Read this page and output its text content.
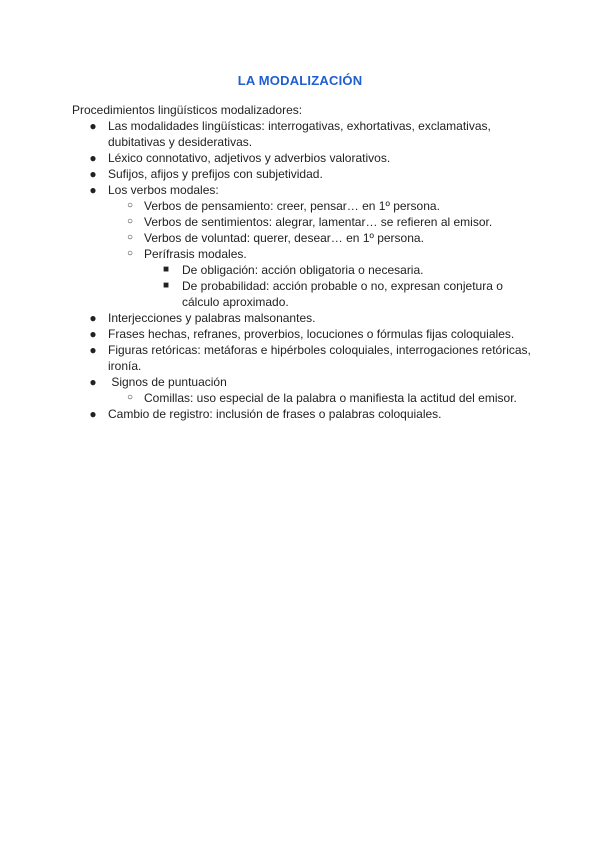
LA MODALIZACIÓN
Procedimientos lingüísticos modalizadores:
● Las modalidades lingüísticas: interrogativas, exhortativas, exclamativas, dubitativas y desiderativas.
● Léxico connotativo, adjetivos y adverbios valorativos.
● Sufijos, afijos y prefijos con subjetividad.
● Los verbos modales:
○ Verbos de pensamiento: creer, pensar… en 1º persona.
○ Verbos de sentimientos: alegrar, lamentar… se refieren al emisor.
○ Verbos de voluntad: querer, desear… en 1º persona.
○ Perífrasis modales.
■	De obligación: acción obligatoria o necesaria.
■	De probabilidad: acción probable o no, expresan conjetura o cálculo aproximado.
● Interjecciones y palabras malsonantes.
● Frases hechas, refranes, proverbios, locuciones o fórmulas fijas coloquiales.
● Figuras retóricas: metáforas e hipérboles coloquiales, interrogaciones retóricas, ironía.
● Signos de puntuación
○ Comillas: uso especial de la palabra o manifiesta la actitud del emisor.
● Cambio de registro: inclusión de frases o palabras coloquiales.
